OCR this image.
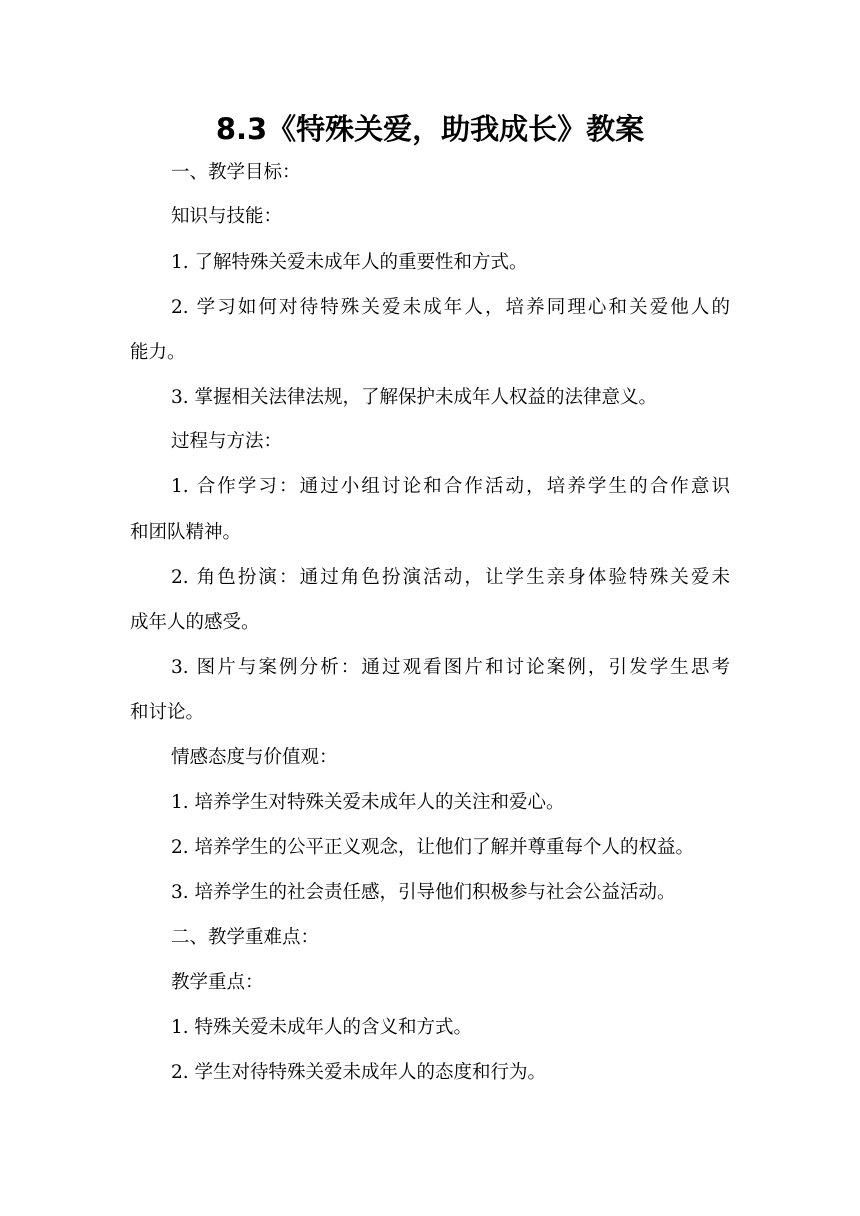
8.3《特殊关爱，助我成长》教案
一、教学目标：
知识与技能：
1. 了解特殊关爱未成年人的重要性和方式。
2. 学习如何对待特殊关爱未成年人，培养同理心和关爱他人的
能力。
3. 掌握相关法律法规，了解保护未成年人权益的法律意义。
过程与方法：
1. 合作学习：通过小组讨论和合作活动，培养学生的合作意识
和团队精神。
2. 角色扮演：通过角色扮演活动，让学生亲身体验特殊关爱未
成年人的感受。
3. 图片与案例分析：通过观看图片和讨论案例，引发学生思考
和讨论。
情感态度与价值观：
1. 培养学生对特殊关爱未成年人的关注和爱心。
2. 培养学生的公平正义观念，让他们了解并尊重每个人的权益。
3. 培养学生的社会责任感，引导他们积极参与社会公益活动。
二、教学重难点：
教学重点：
1. 特殊关爱未成年人的含义和方式。
2. 学生对待特殊关爱未成年人的态度和行为。
